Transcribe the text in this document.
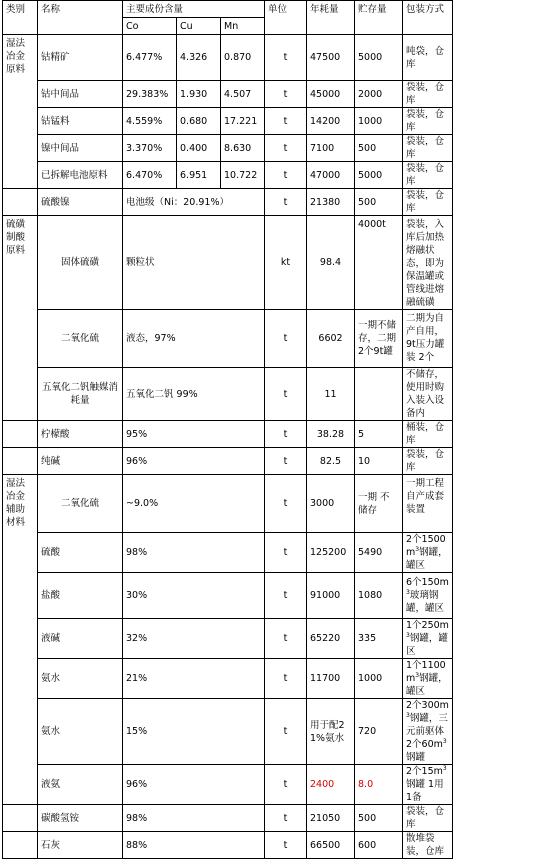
类别	名称	主要成份含量			单位	年耗量	贮存量	包装方式
		Co	Cu	Mn				
湿法冶金原料	钴精矿	6.477%	4.326	0.870	t	47500	5000	吨袋，仓库
	钴中间品	29.383%	1.930	4.507	t	45000	2000	袋装，仓库
	钴锰料	4.559%	0.680	17.221	t	14200	1000	袋装，仓库
	镍中间品	3.370%	0.400	8.630	t	7100	500	袋装，仓库
	已拆解电池原料	6.470%	6.951	10.722	t	47000	5000	袋装，仓库
	硫酸镍	电池级（Ni：20.91%）			t	21380	500	袋装，仓库
硫磺制酸原料	固体硫磺	颗粒状			kt	98.4	4000t	袋装，入库后加热熔融状态，即为保温罐或管线进熔融硫磺
	二氧化硫	液态，97%			t	6602	一期不储存，二期2个9t罐	二期为自产自用，9t压力罐装 2个
	五氧化二钒触媒消耗量	五氧化二钒 99%			t	11		不储存，使用时购入装入设备内
	柠檬酸	95%			t	38.28	5	桶装，仓库
	纯碱	96%			t	82.5	10	袋装，仓库
湿法冶金辅助材料	二氧化硫	~9.0%			t	3000	一期 不储存	一期工程自产成套装置
	硫酸	98%			t	125200	5490	2个$1500m^3$钢罐，罐区
	盐酸	30%			t	91000	1080	6个$150m^3$玻璃钢罐，罐区
	液碱	32%			t	65220	335	1个$250m^3$钢罐，罐区
	氨水	21%			t	11700	1000	1个$1100m^3$钢罐，罐区
	氨水	15%			t	用于配21%氨水	720	2个$300m^3$钢罐，三元前驱体 2个$60m^3$钢罐
	液氨	96%			t	2400	8.0	2个$15m^3$钢罐 1用1备
	碳酸氢铵	98%			t	21050	500	袋装，仓库
	石灰	88%			t	66500	600	散堆袋装，仓库
